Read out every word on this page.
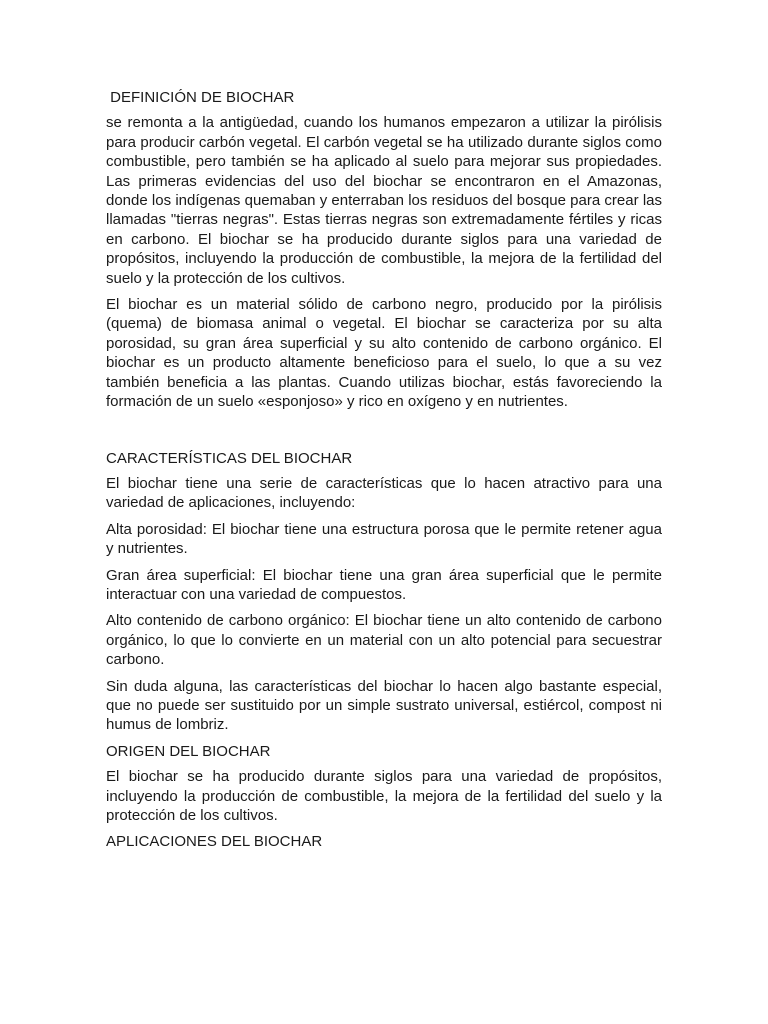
DEFINICIÓN DE BIOCHAR

se remonta a la antigüedad, cuando los humanos empezaron a utilizar la pirólisis para producir carbón vegetal. El carbón vegetal se ha utilizado durante siglos como combustible, pero también se ha aplicado al suelo para mejorar sus propiedades. Las primeras evidencias del uso del biochar se encontraron en el Amazonas, donde los indígenas quemaban y enterraban los residuos del bosque para crear las llamadas "tierras negras". Estas tierras negras son extremadamente fértiles y ricas en carbono. El biochar se ha producido durante siglos para una variedad de propósitos, incluyendo la producción de combustible, la mejora de la fertilidad del suelo y la protección de los cultivos.

El biochar es un material sólido de carbono negro, producido por la pirólisis (quema) de biomasa animal o vegetal. El biochar se caracteriza por su alta porosidad, su gran área superficial y su alto contenido de carbono orgánico. El biochar es un producto altamente beneficioso para el suelo, lo que a su vez también beneficia a las plantas. Cuando utilizas biochar, estás favoreciendo la formación de un suelo «esponjoso» y rico en oxígeno y en nutrientes.

CARACTERÍSTICAS DEL BIOCHAR

El biochar tiene una serie de características que lo hacen atractivo para una variedad de aplicaciones, incluyendo:

Alta porosidad: El biochar tiene una estructura porosa que le permite retener agua y nutrientes.

Gran área superficial: El biochar tiene una gran área superficial que le permite interactuar con una variedad de compuestos.

Alto contenido de carbono orgánico: El biochar tiene un alto contenido de carbono orgánico, lo que lo convierte en un material con un alto potencial para secuestrar carbono.

Sin duda alguna, las características del biochar lo hacen algo bastante especial, que no puede ser sustituido por un simple sustrato universal, estiércol, compost ni humus de lombriz.

ORIGEN DEL BIOCHAR

El biochar se ha producido durante siglos para una variedad de propósitos, incluyendo la producción de combustible, la mejora de la fertilidad del suelo y la protección de los cultivos.

APLICACIONES DEL BIOCHAR
